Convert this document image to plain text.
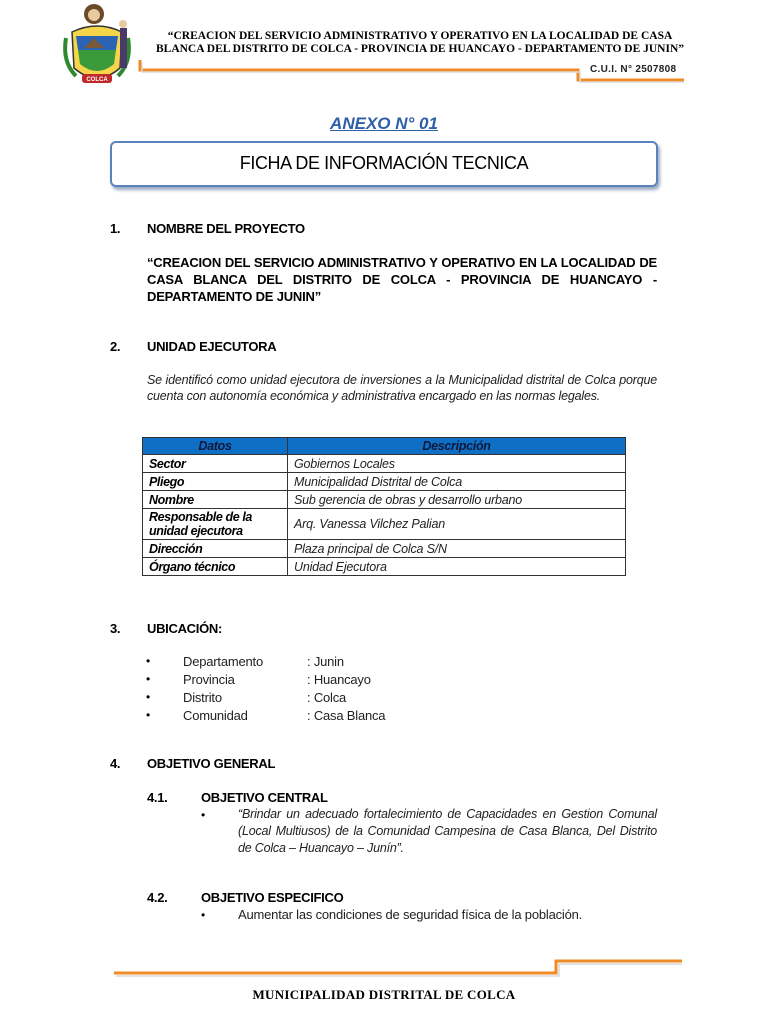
COLCA
“CREACION DEL SERVICIO ADMINISTRATIVO Y OPERATIVO EN LA LOCALIDAD DE CASA BLANCA DEL DISTRITO DE COLCA - PROVINCIA DE HUANCAYO - DEPARTAMENTO DE JUNIN”
C.U.I. N° 2507808
ANEXO N° 01
FICHA DE INFORMACIÓN TECNICA
1. NOMBRE DEL PROYECTO
“CREACION DEL SERVICIO ADMINISTRATIVO Y OPERATIVO EN LA LOCALIDAD DE CASA BLANCA DEL DISTRITO DE COLCA - PROVINCIA DE HUANCAYO - DEPARTAMENTO DE JUNIN”
2. UNIDAD EJECUTORA
Se identificó como unidad ejecutora de inversiones a la Municipalidad distrital de Colca porque cuenta con autonomía económica y administrativa encargado en las normas legales.
Datos	Descripción
Sector	Gobiernos Locales
Pliego	Municipalidad Distrital de Colca
Nombre	Sub gerencia de obras y desarrollo urbano
Responsable de la unidad ejecutora	Arq. Vanessa Vilchez Palian
Dirección	Plaza principal de Colca S/N
Órgano técnico	Unidad Ejecutora
3. UBICACIÓN:
•	Departamento	: Junin
•	Provincia	: Huancayo
•	Distrito	: Colca
•	Comunidad	: Casa Blanca
4. OBJETIVO GENERAL
4.1.	OBJETIVO CENTRAL
•	“Brindar un adecuado fortalecimiento de Capacidades en Gestion Comunal (Local Multiusos) de la Comunidad Campesina de Casa Blanca, Del Distrito de Colca – Huancayo – Junín”.
4.2.	OBJETIVO ESPECIFICO
•	Aumentar las condiciones de seguridad física de la población.
MUNICIPALIDAD DISTRITAL DE COLCA
